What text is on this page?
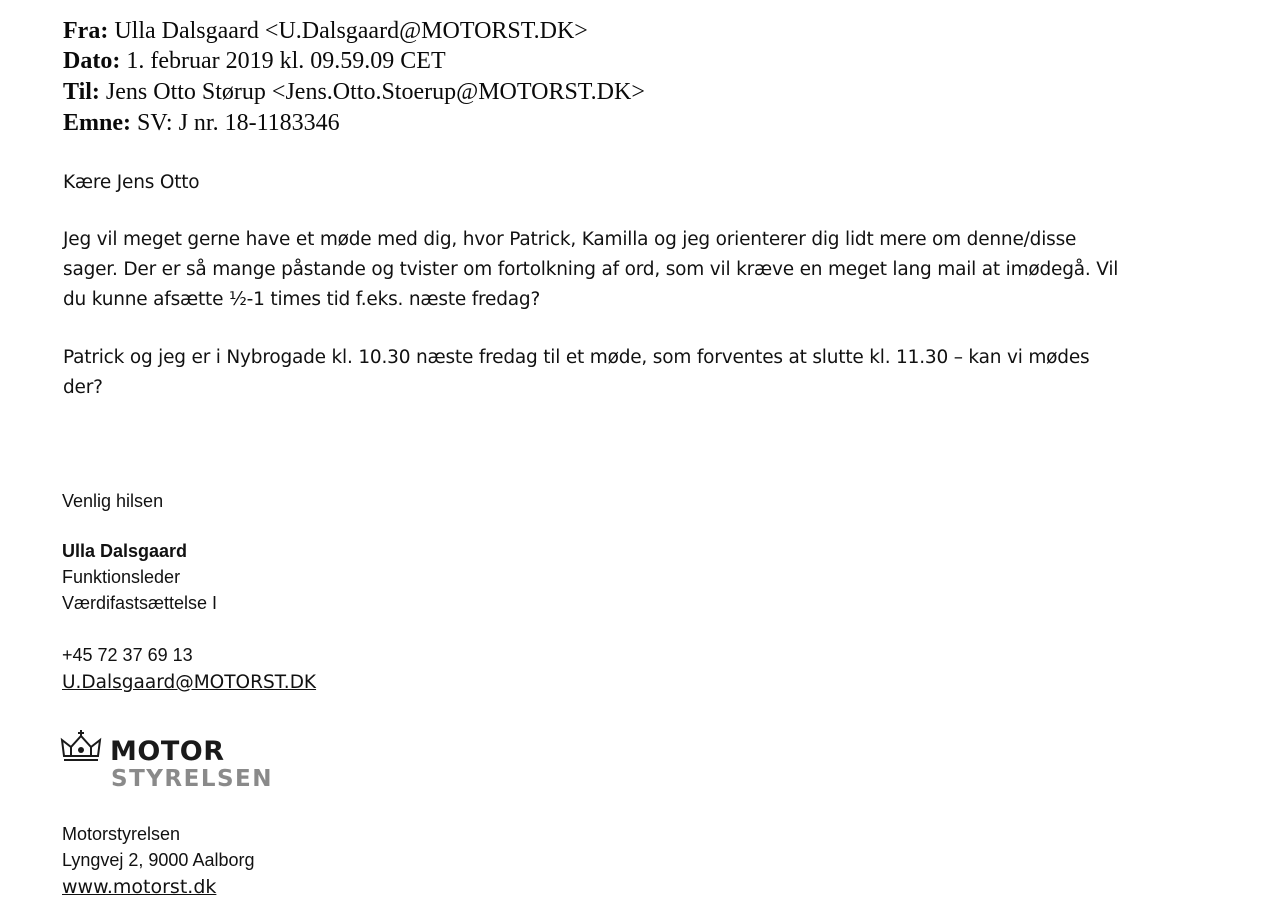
Fra: Ulla Dalsgaard <U.Dalsgaard@MOTORST.DK>
Dato: 1. februar 2019 kl. 09.59.09 CET
Til: Jens Otto Størup <Jens.Otto.Stoerup@MOTORST.DK>
Emne: SV: J nr. 18-1183346
Kære Jens Otto
Jeg vil meget gerne have et møde med dig, hvor Patrick, Kamilla og jeg orienterer dig lidt mere om denne/disse
sager. Der er så mange påstande og tvister om fortolkning af ord, som vil kræve en meget lang mail at imødegå. Vil
du kunne afsætte ½-1 times tid f.eks. næste fredag?
Patrick og jeg er i Nybrogade kl. 10.30 næste fredag til et møde, som forventes at slutte kl. 11.30 – kan vi mødes
der?
Venlig hilsen
Ulla Dalsgaard
Funktionsleder
Værdifastsættelse I
+45 72 37 69 13
U.Dalsgaard@MOTORST.DK
MOTOR
STYRELSEN
Motorstyrelsen
Lyngvej 2, 9000 Aalborg
www.motorst.dk
